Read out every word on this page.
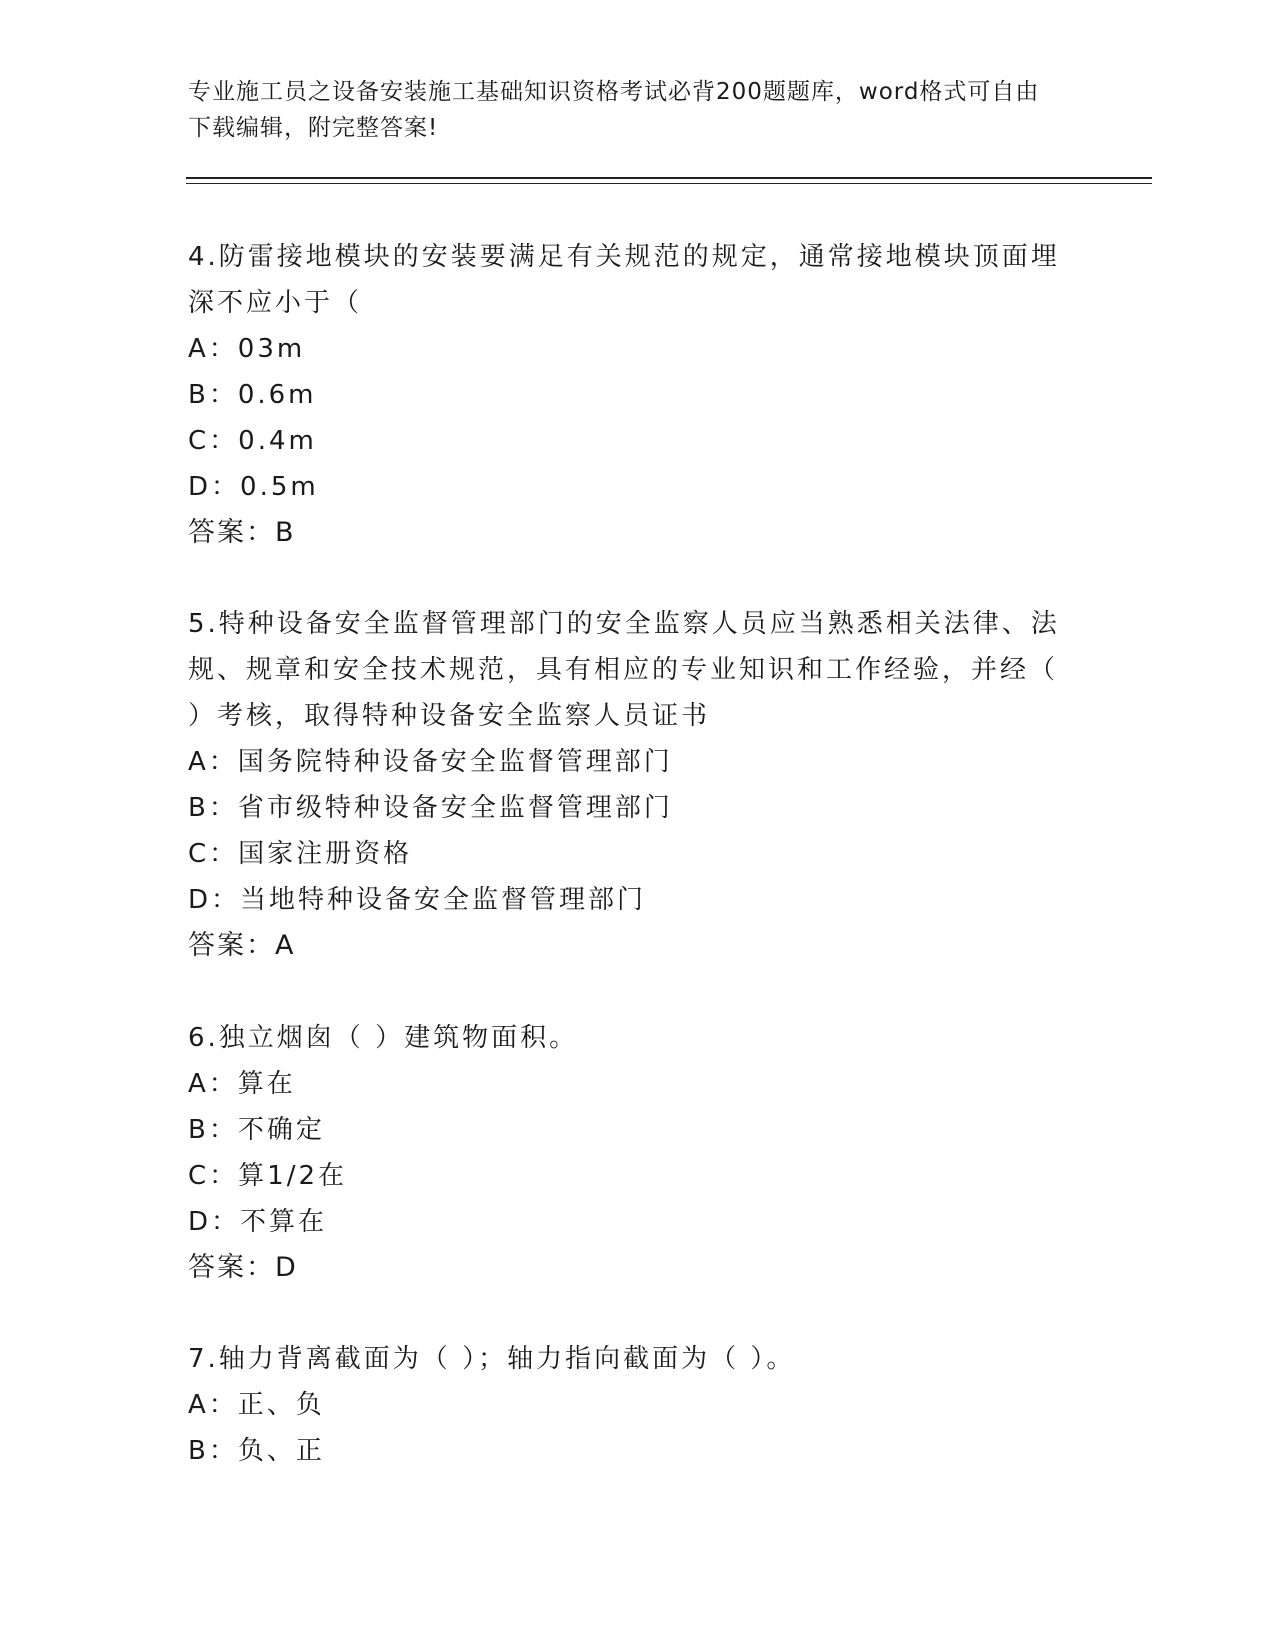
专业施工员之设备安装施工基础知识资格考试必背200题题库，word格式可自由
下载编辑，附完整答案!

4.防雷接地模块的安装要满足有关规范的规定，通常接地模块顶面埋

深不应小于（

A：03m

B：0.6m

C：0.4m

D：0.5m

答案：B

5.特种设备安全监督管理部门的安全监察人员应当熟悉相关法律、法

规、规章和安全技术规范，具有相应的专业知识和工作经验，并经（

）考核，取得特种设备安全监察人员证书

A：国务院特种设备安全监督管理部门

B：省市级特种设备安全监督管理部门

C：国家注册资格

D：当地特种设备安全监督管理部门

答案：A

6.独立烟囱（ ）建筑物面积。

A：算在

B：不确定

C：算1/2在

D：不算在

答案：D

7.轴力背离截面为（ ）；轴力指向截面为（ ）。

A：正、负

B：负、正
